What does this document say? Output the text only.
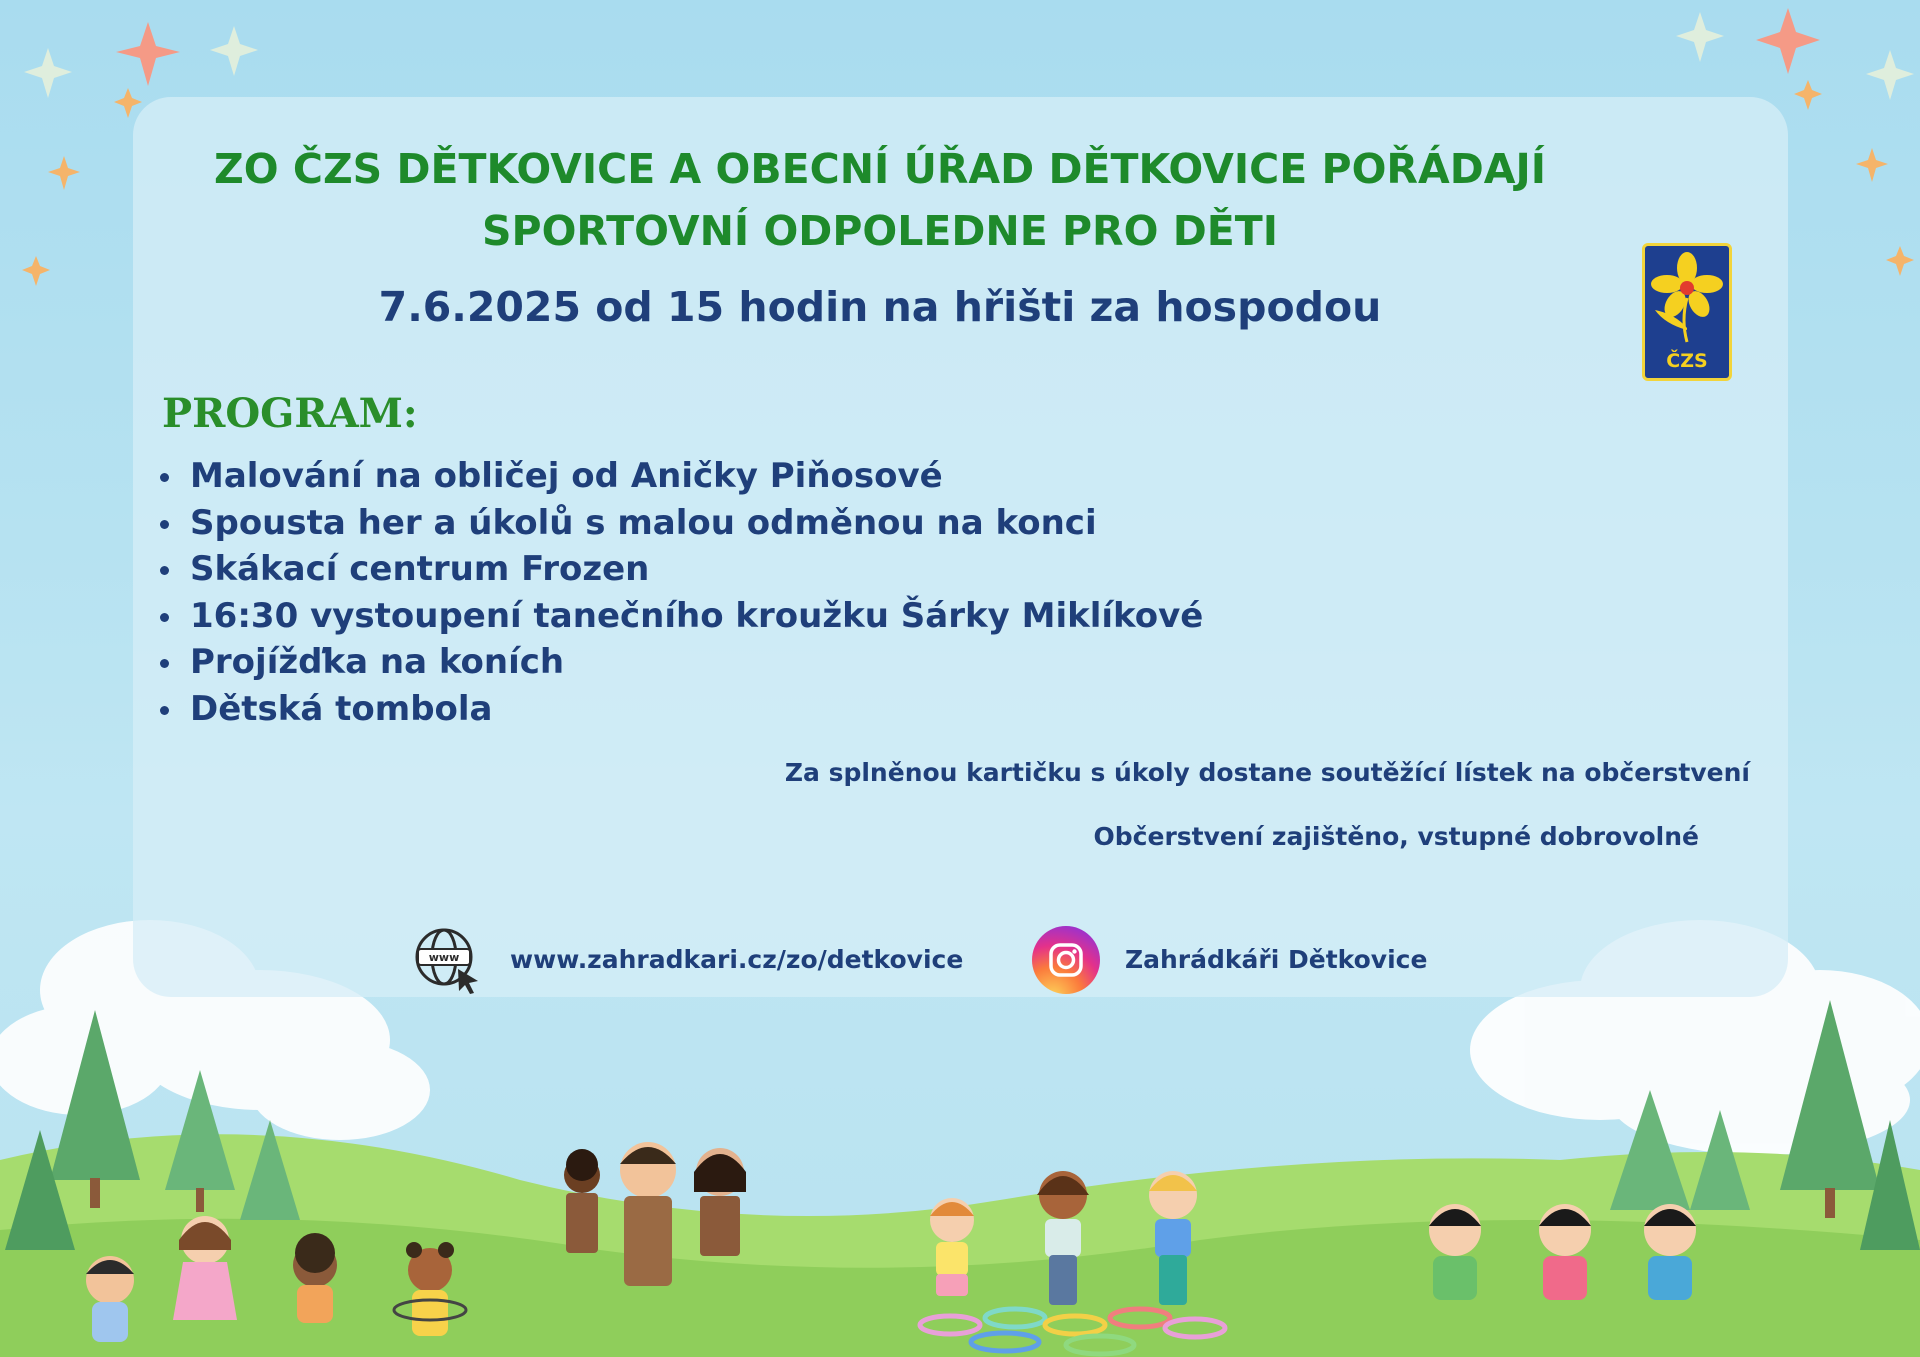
ZO ČZS DĚTKOVICE A OBECNÍ ÚŘAD DĚTKOVICE POŘÁDAJÍ SPORTOVNÍ ODPOLEDNE PRO DĚTI
7.6.2025 od 15 hodin na hřišti za hospodou
ČZS
PROGRAM:
Malování na obličej od Aničky Piňosové
Spousta her a úkolů s malou odměnou na konci
Skákací centrum Frozen
16:30 vystoupení tanečního kroužku Šárky Miklíkové
Projížďka na koních
Dětská tombola

Za splněnou kartičku s úkoly dostane soutěžící lístek na občerstvení

Občerstvení zajištěno, vstupné dobrovolné

www www.zahradkari.cz/zo/detkovice	Zahrádkáři Dětkovice
